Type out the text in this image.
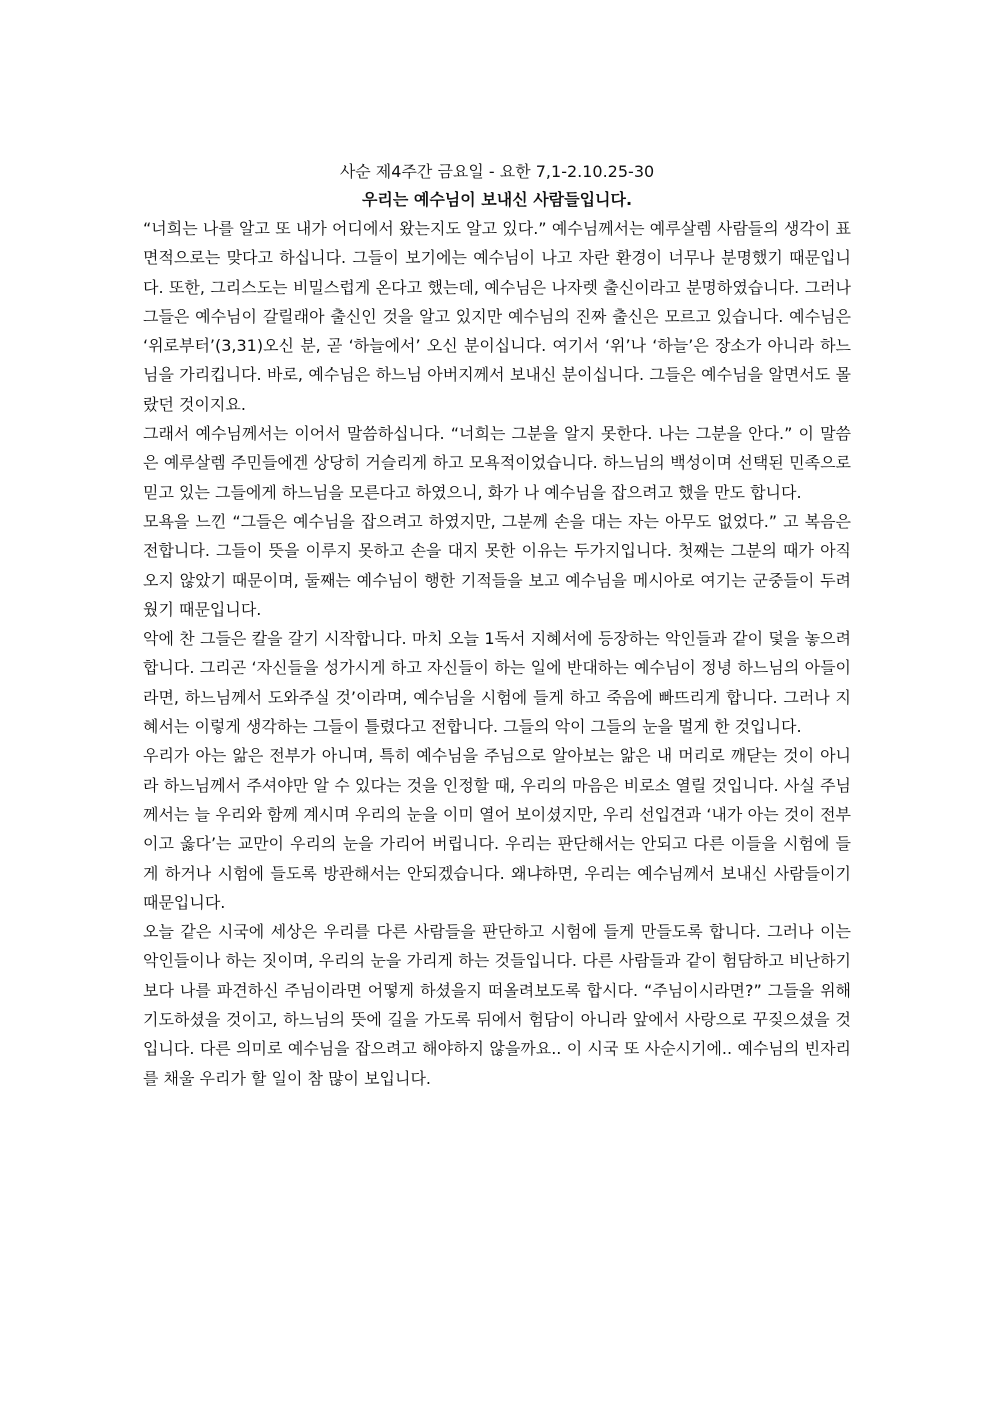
사순 제4주간 금요일 - 요한 7,1-2.10.25-30

우리는 예수님이 보내신 사람들입니다.

“너희는 나를 알고 또 내가 어디에서 왔는지도 알고 있다.” 예수님께서는 예루살렘 사람들의 생각이 표면적으로는 맞다고 하십니다. 그들이 보기에는 예수님이 나고 자란 환경이 너무나 분명했기 때문입니다. 또한, 그리스도는 비밀스럽게 온다고 했는데, 예수님은 나자렛 출신이라고 분명하였습니다. 그러나 그들은 예수님이 갈릴래아 출신인 것을 알고 있지만 예수님의 진짜 출신은 모르고 있습니다. 예수님은 ‘위로부터’(3,31)오신 분, 곧 ‘하늘에서’ 오신 분이십니다. 여기서 ‘위’나 ‘하늘’은 장소가 아니라 하느님을 가리킵니다. 바로, 예수님은 하느님 아버지께서 보내신 분이십니다. 그들은 예수님을 알면서도 몰랐던 것이지요.

그래서 예수님께서는 이어서 말씀하십니다. “너희는 그분을 알지 못한다. 나는 그분을 안다.” 이 말씀은 예루살렘 주민들에겐 상당히 거슬리게 하고 모욕적이었습니다. 하느님의 백성이며 선택된 민족으로 믿고 있는 그들에게 하느님을 모른다고 하였으니, 화가 나 예수님을 잡으려고 했을 만도 합니다.

모욕을 느낀 “그들은 예수님을 잡으려고 하였지만, 그분께 손을 대는 자는 아무도 없었다.” 고 복음은 전합니다. 그들이 뜻을 이루지 못하고 손을 대지 못한 이유는 두가지입니다. 첫째는 그분의 때가 아직 오지 않았기 때문이며, 둘째는 예수님이 행한 기적들을 보고 예수님을 메시아로 여기는 군중들이 두려웠기 때문입니다.

악에 찬 그들은 칼을 갈기 시작합니다. 마치 오늘 1독서 지혜서에 등장하는 악인들과 같이 덫을 놓으려 합니다. 그리곤 ‘자신들을 성가시게 하고 자신들이 하는 일에 반대하는 예수님이 정녕 하느님의 아들이라면, 하느님께서 도와주실 것’이라며, 예수님을 시험에 들게 하고 죽음에 빠뜨리게 합니다. 그러나 지혜서는 이렇게 생각하는 그들이 틀렸다고 전합니다. 그들의 악이 그들의 눈을 멀게 한 것입니다.

우리가 아는 앎은 전부가 아니며, 특히 예수님을 주님으로 알아보는 앎은 내 머리로 깨닫는 것이 아니라 하느님께서 주셔야만 알 수 있다는 것을 인정할 때, 우리의 마음은 비로소 열릴 것입니다. 사실 주님께서는 늘 우리와 함께 계시며 우리의 눈을 이미 열어 보이셨지만, 우리 선입견과 ‘내가 아는 것이 전부이고 옳다’는 교만이 우리의 눈을 가리어 버립니다. 우리는 판단해서는 안되고 다른 이들을 시험에 들게 하거나 시험에 들도록 방관해서는 안되겠습니다. 왜냐하면, 우리는 예수님께서 보내신 사람들이기 때문입니다.

오늘 같은 시국에 세상은 우리를 다른 사람들을 판단하고 시험에 들게 만들도록 합니다. 그러나 이는 악인들이나 하는 짓이며, 우리의 눈을 가리게 하는 것들입니다. 다른 사람들과 같이 험담하고 비난하기보다 나를 파견하신 주님이라면 어떻게 하셨을지 떠올려보도록 합시다. “주님이시라면?” 그들을 위해 기도하셨을 것이고, 하느님의 뜻에 길을 가도록 뒤에서 험담이 아니라 앞에서 사랑으로 꾸짖으셨을 것입니다. 다른 의미로 예수님을 잡으려고 해야하지 않을까요.. 이 시국 또 사순시기에.. 예수님의 빈자리를 채울 우리가 할 일이 참 많이 보입니다.
